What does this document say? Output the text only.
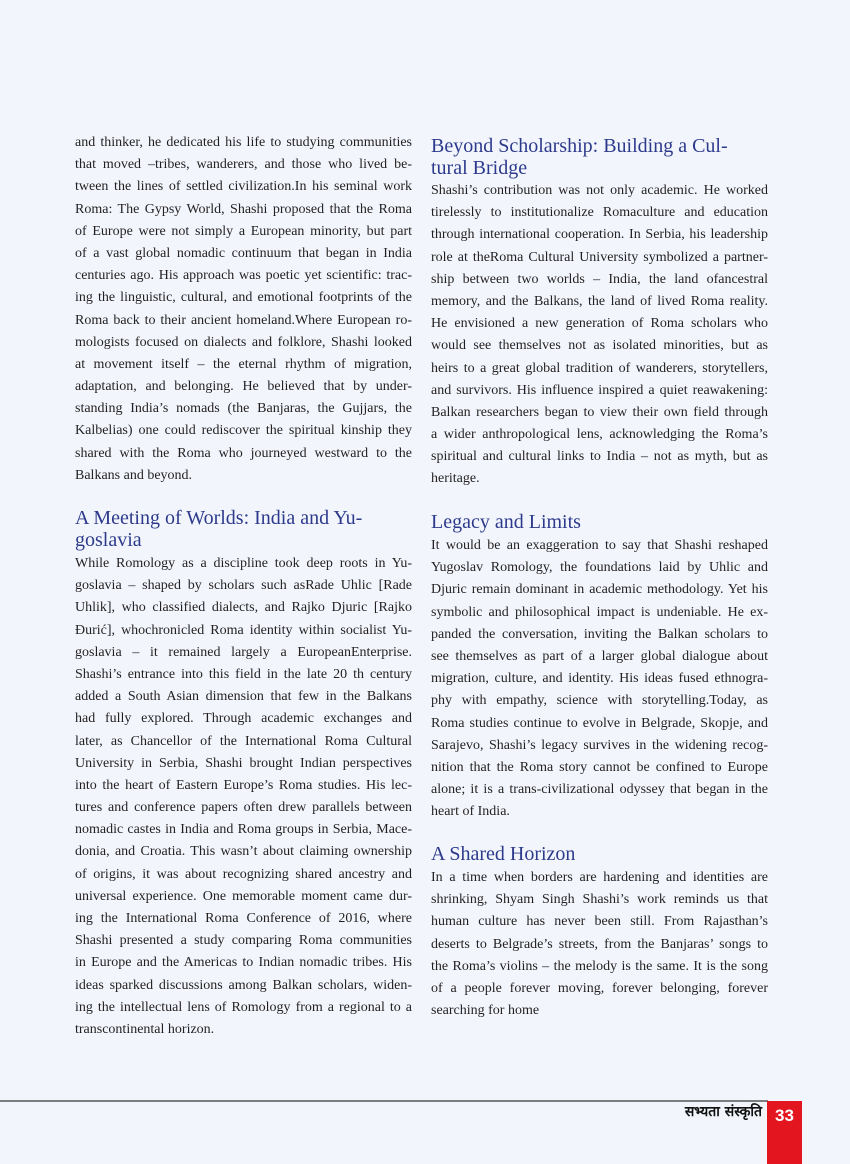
and thinker, he dedicated his life to studying communities
that moved –tribes, wanderers, and those who lived be-
tween the lines of settled civilization.In his seminal work
Roma: The Gypsy World, Shashi proposed that the Roma
of Europe were not simply a European minority, but part
of a vast global nomadic continuum that began in India
centuries ago. His approach was poetic yet scientific: trac-
ing the linguistic, cultural, and emotional footprints of the
Roma back to their ancient homeland.Where European ro-
mologists focused on dialects and folklore, Shashi looked
at movement itself – the eternal rhythm of migration,
adaptation, and belonging. He believed that by under-
standing India’s nomads (the Banjaras, the Gujjars, the
Kalbelias) one could rediscover the spiritual kinship they
shared with the Roma who journeyed westward to the
Balkans and beyond.
A Meeting of Worlds: India and Yu-
goslavia
While Romology as a discipline took deep roots in Yu-
goslavia – shaped by scholars such asRade Uhlic [Rade
Uhlik], who classified dialects, and Rajko Djuric [Rajko
Đurić], whochronicled Roma identity within socialist Yu-
goslavia – it remained largely a EuropeanEnterprise.
Shashi’s entrance into this field in the late 20 th century
added a South Asian dimension that few in the Balkans
had fully explored. Through academic exchanges and
later, as Chancellor of the International Roma Cultural
University in Serbia, Shashi brought Indian perspectives
into the heart of Eastern Europe’s Roma studies. His lec-
tures and conference papers often drew parallels between
nomadic castes in India and Roma groups in Serbia, Mace-
donia, and Croatia. This wasn’t about claiming ownership
of origins, it was about recognizing shared ancestry and
universal experience. One memorable moment came dur-
ing the International Roma Conference of 2016, where
Shashi presented a study comparing Roma communities
in Europe and the Americas to Indian nomadic tribes. His
ideas sparked discussions among Balkan scholars, widen-
ing the intellectual lens of Romology from a regional to a
transcontinental horizon.
Beyond Scholarship: Building a Cul-
tural Bridge
Shashi’s contribution was not only academic. He worked
tirelessly to institutionalize Romaculture and education
through international cooperation. In Serbia, his leadership
role at theRoma Cultural University symbolized a partner-
ship between two worlds – India, the land ofancestral
memory, and the Balkans, the land of lived Roma reality.
He envisioned a new generation of Roma scholars who
would see themselves not as isolated minorities, but as
heirs to a great global tradition of wanderers, storytellers,
and survivors. His influence inspired a quiet reawakening:
Balkan researchers began to view their own field through
a wider anthropological lens, acknowledging the Roma’s
spiritual and cultural links to India – not as myth, but as
heritage.
Legacy and Limits
It would be an exaggeration to say that Shashi reshaped
Yugoslav Romology, the foundations laid by Uhlic and
Djuric remain dominant in academic methodology. Yet his
symbolic and philosophical impact is undeniable. He ex-
panded the conversation, inviting the Balkan scholars to
see themselves as part of a larger global dialogue about
migration, culture, and identity. His ideas fused ethnogra-
phy with empathy, science with storytelling.Today, as
Roma studies continue to evolve in Belgrade, Skopje, and
Sarajevo, Shashi’s legacy survives in the widening recog-
nition that the Roma story cannot be confined to Europe
alone; it is a trans-civilizational odyssey that began in the
heart of India.
A Shared Horizon
In a time when borders are hardening and identities are
shrinking, Shyam Singh Shashi’s work reminds us that
human culture has never been still. From Rajasthan’s
deserts to Belgrade’s streets, from the Banjaras’ songs to
the Roma’s violins – the melody is the same. It is the song
of a people forever moving, forever belonging, forever
searching for home
सभ्यता संस्कृति 33
